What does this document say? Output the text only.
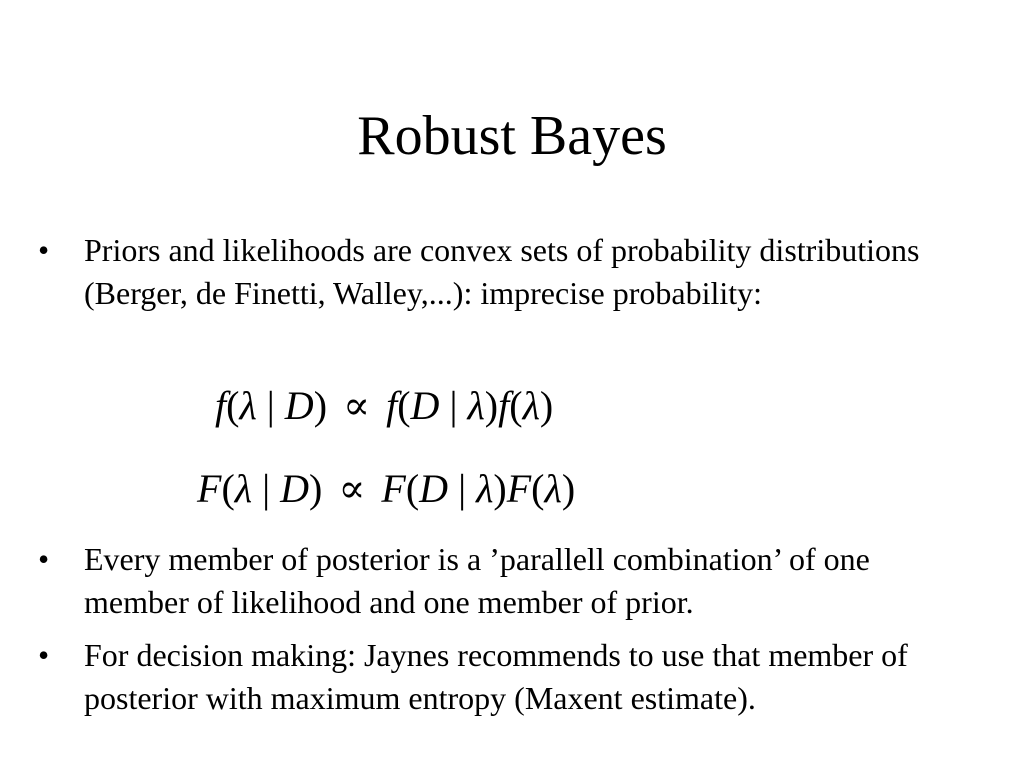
Robust Bayes
•	Priors and likelihoods are convex sets of probability distributions (Berger, de Finetti, Walley,...): imprecise probability:
f(λ | D) ∝ f(D | λ)f(λ)
F(λ | D) ∝ F(D | λ)F(λ)
•	Every member of posterior is a ’parallell combination’ of one member of likelihood and one member of prior.
•	For decision making: Jaynes recommends to use that member of posterior with maximum entropy (Maxent estimate).
